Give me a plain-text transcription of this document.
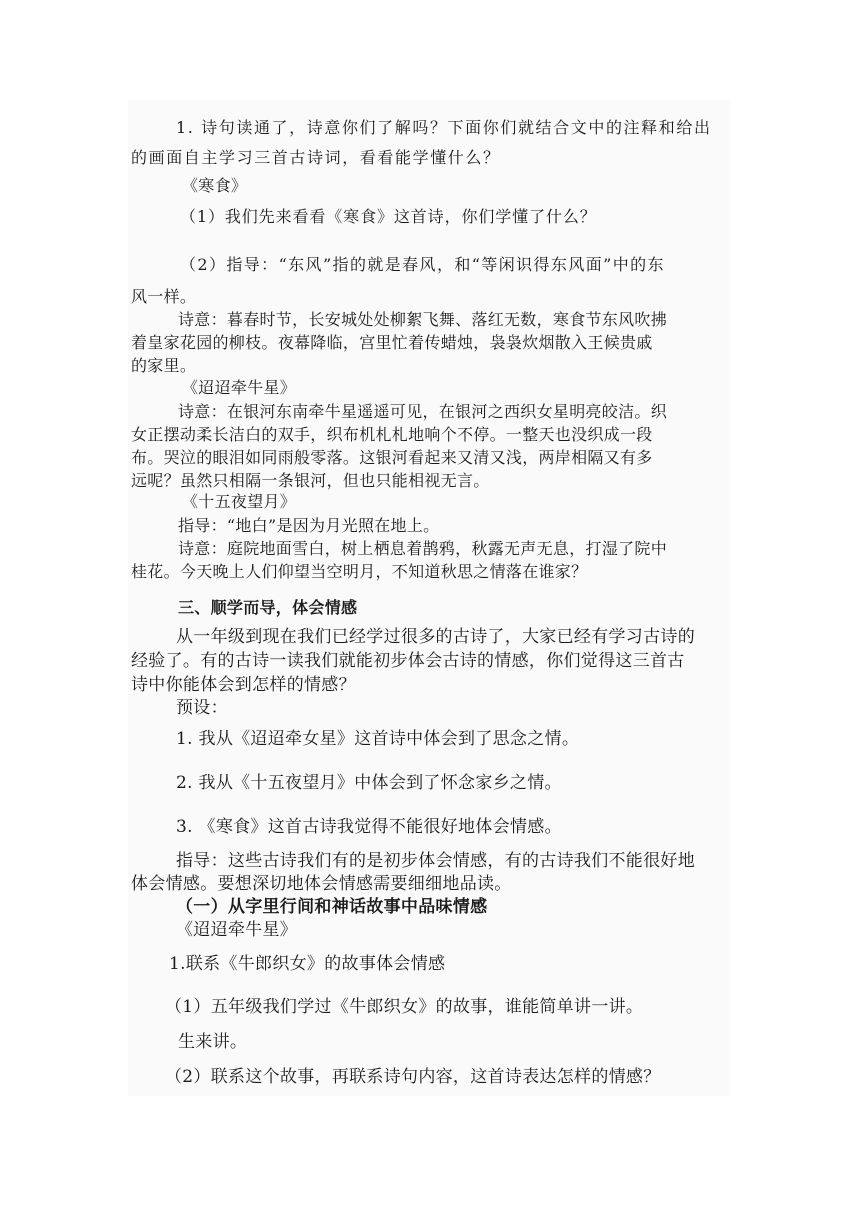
1. 诗句读通了，诗意你们了解吗？下面你们就结合文中的注释和给出
的画面自主学习三首古诗词，看看能学懂什么？
《寒食》
（1）我们先来看看《寒食》这首诗，你们学懂了什么？
（2）指导：“东风”指的就是春风，和“等闲识得东风面”中的东
风一样。
诗意：暮春时节，长安城处处柳絮飞舞、落红无数，寒食节东风吹拂
着皇家花园的柳枝。夜幕降临，宫里忙着传蜡烛，袅袅炊烟散入王候贵戚
的家里。
《迢迢牵牛星》
诗意：在银河东南牵牛星遥遥可见，在银河之西织女星明亮皎洁。织
女正摆动柔长洁白的双手，织布机札札地响个不停。一整天也没织成一段
布。哭泣的眼泪如同雨般零落。这银河看起来又清又浅，两岸相隔又有多
远呢？虽然只相隔一条银河，但也只能相视无言。
《十五夜望月》
指导：“地白”是因为月光照在地上。
诗意：庭院地面雪白，树上栖息着鹊鸦，秋露无声无息，打湿了院中
桂花。今天晚上人们仰望当空明月，不知道秋思之情落在谁家？
三、顺学而导，体会情感
从一年级到现在我们已经学过很多的古诗了，大家已经有学习古诗的
经验了。有的古诗一读我们就能初步体会古诗的情感，你们觉得这三首古
诗中你能体会到怎样的情感？
预设：
1. 我从《迢迢牵女星》这首诗中体会到了思念之情。
2. 我从《十五夜望月》中体会到了怀念家乡之情。
3. 《寒食》这首古诗我觉得不能很好地体会情感。
指导：这些古诗我们有的是初步体会情感，有的古诗我们不能很好地
体会情感。要想深切地体会情感需要细细地品读。
（一）从字里行间和神话故事中品味情感
《迢迢牵牛星》
1.联系《牛郎织女》的故事体会情感
（1）五年级我们学过《牛郎织女》的故事，谁能简单讲一讲。
生来讲。
（2）联系这个故事，再联系诗句内容，这首诗表达怎样的情感？
